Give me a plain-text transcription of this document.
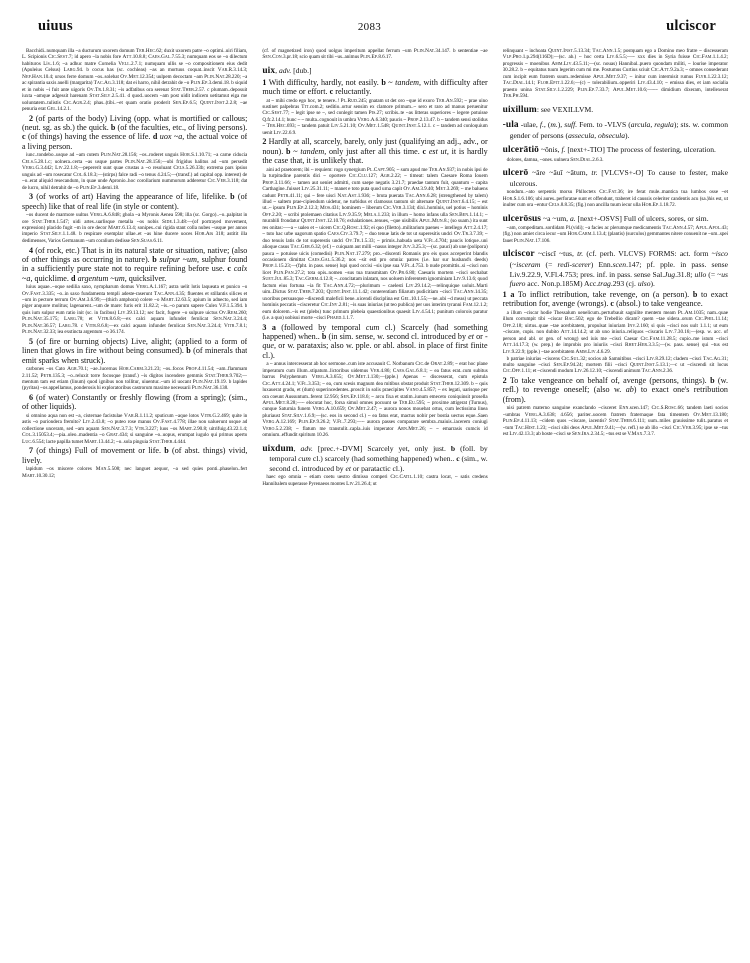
uiuus	2083	ulciscor

Bacchidi..numquam illa ~a ducturum uxorem domum Ter.Hec.62; duxit uxorem patre ~o optimi..uiri filiam, L. Scipionis Cic.Sest.7; id apero ~la nobis fore Att.10.8.8; Caes.Gal.7.55.3; numquam eos se ~o dilectum habituros Liv..1.6; ~a adhuc matre Cornelia Vell.2.7.1; numquam ullis se ~o compositionem eius dedit (Apuleius Celsus) Larg.94. b cocus has (sc. cochleas) ~as an mortuus coquat..inscit Var.R.3.14.3; Nep.Han.10.4; ursos ferre domum ~os..solebat Ov.Met.12.354; uulpem decoctam ~am Plin.Nat.28.220; ~a ac spirantia saxis auelli (margarita) Tac.Ag.3.118; dat ei harro, nihil detrahit de ~o Plin.Ep.3.demi.18. b siquid et in nobis ~i fuit ante uigoris Ov.Tr.1.8.31; ~is adfatibus ora serenat Stat.Theb.2.57. c plumam..deposuit iuxta ~amque adgessit harenam Stat.Silv.2.5.41. d quod..uocem ~am post uidit indicem uetitamut eiga me uoluntatem..tulistis Cic.Agr.2.4; phas..(tibi..~et quam oratio proderit Sen.Ep.6.5; Quint.Inst.2.2.8; ~ae penuria erat Gel.14.2.1.

2 (of parts of the body) Living (opp. what is mortified or callous; (neut. sg. as sb.) the quick. b (of the faculties, etc., of living persons). c (of things) having the essence of life. d uox ~a, the actual voice of a living person.

iunc..tondebo..usque ad ~am cutem Plin.Nat.28.156; ~os..roderet unguis Hor.S.1.10.71; ~a carne ciducia Cels.5.28.1.c; uolnera..certa ~as usque partes Plin.Nat.28.156;—ubi frigidus halitus ad ~um persedit Verg.G.3.442; Liv.22.1.8;—pepererit sunt quae crustas a ~o resoluant Cels.5.26.33b; extrema pars ipsius unguis ad ~um rosecatur Col.6.18.3;—(stirps) falce radi ~o tenus 4.24.5;—(transf.) ad capital opp. interest) de ~o..erat aliquid resecandum, in quae unde Apronio..hoc corollarium nummorum adderetur Cic.Ver.3.118; dat de lucro, nihil detrahit de ~o Plin.Ep.3.demi.18.

3 (of works of art) Having the appearance of life, lifelike. b (of speech) like that of real life (in style or content).

~os ducent de marmore uultus Verg.A.6.848; ghola ~a Myronis Aenea 598; illa (sc. Gorgo)..~o..palpitat in ore Stat.Theb.1.547; uidi artes..uarlisque metalla ~os nobis Side.1.3.48:—(of portrayed movement, expression) placido fugit ~m in ore decor Mart.6.13.4; sonipes..cui rigida stant colla nubes ~usque per annos imperio Stat.Silv.1.1.48. b respirare exemplar ullae..et ~as hine ducere uoces Hor.Ars 318; astitit illa dedimenses, Varios Germanum ~um coralium dedisse Sen.Suas.6.11.

4 (of rock, etc.) That is in its natural state or situation, native; (also of other things as occurring in nature). b sulpur ~um, sulphur found in a sufficiently pure state not to require refining before use. c calx ~a, quicklime. d argentum ~um, quicksilver.

luius aquae..~oque sedilia saxo, nympharum domus Verg.A.1.167; astra uelit lotis laqueata et punico ~o Ov.Fast.3.335; ~o..in saxo fundamenta templi adeste-raserunt Tac.Ann.4.35; fluentes et stillantis silices et ~um in pectore terrum Ov.Am.3.6.99;—(thich amphora) colere ~o Mart.12.63.5; apium in adnecto, sed iam piger anquore molitus; lagenarent..~um de mare: furis erit 11.82.2; ~is..~o parum sapere Culex V.F.1.5.394. b quis ium sulpur eum ratio init (sc. in facibus) Liv.39.13.12; sec facit, fugere ~o sulpure uictus Ov.Rem.260; Plin.Nat.35.175; Larg.78; et Vitr.8.6.8;—ex calci aquam infundet fernlicat Sen.Nat.3.24.4; Plin.Nat.36.57; Larg.78. c Vitr.8.6.8;—ex calci aquam infundet fernlicat Sen.Nat.3.24.4; Vitr.7.8.1; Plin.Nat.32.33; iea exstincta argentum ~o 36.174.

5 (of fire or burning objects) Live, alight; (applied to a form of linen that glows in fire without being consumed). b (of minerals that emit sparks when struck).

carbones ~os Cato Agr.70.1; ~ae..lucernas Hor.Carm.3.21.23; ~os..focos Prop.4.11.54; ~am..flammam 2.11.52; Petr.135.3; ~o..reluxit torre focosque (transf.) ~is digitos incendere gemmis Stat.Theb.9.702;—mentum tam est etiam (linum) quod ignibus non tollitur, uiuentur..~um id uocant Plin.Nat.19.19. b lapides (pyritas) ~os appellamus, ponderosis hi exploratoribus castrorum maxime necessarii Plin.Nat.36.138.

6 (of water) Constantly or freshly flowing (from a spring); (sim., of other liquids).

si omnino aqua non est ~a, cisternae facistulae Var.R.1.11.2; sputicum ~aque lotos Vitr.G.2.469; quite in astis ~o puriondera fremito? Liv.2.43.8; ~o puteo rose manus Ov.Fast.4.778; illae non ualuerunt usque ad collectione unceram, sed ~am aquam Sen.Nat.3.7.3; Vtr.3.227; luos ~os Mart.2.90.8; uitrifuig.43.22.1.4; Col.3.15053.4;—pia..oleo..madentia ~o Grat.434; si sanguine ~o..uopus, erumpat iugulo qui primus aperto Luc.6.554; lacte papilla tumet Mart.13.44.2; ~o..sola pinguia Stat.Theb.4.444.

7 (of things) Full of movement or life. b (of abst. things) vivid, lively.

lapidum ~os miscere colores Man.5.508; nec languet aequor, ~a sed quies ponti..phaselon..fert Mart.10.30.12;

(cf. of magnetized iron) quod uolgus imperitum appellat ferrum ~um Plin.Nat.34.147. b sententiae ~ae Sen.Con.3.pr.18; scio quam sit tibi ~us..animus Plin.Ep.8.6.17.

uix, adv. [dub.]

1 With difficulty, hardly, not easily. b ~ tandem, with difficulty after much time or effort. c reluctantly.

at ~ mihi credo ego hoc, te tenere..! Pl.Rud.245; gnatam ut det oro ~que id exoro Ter.An.592; ~ prae uino sustinet palpebras Tit.com.2; seditio..ortur sensim ex clamore primum..~ sero et raro ad manus peruenitur Cic.Sest.77; ~ legit ipse se ~, sed conlegit tamen Pis.27; scribis..te ~as litteras superiores ~ legere potuisse Q.fr.2.14.1; hunc ~ ~ multa..cognouit in umbra Verg.A.6.340; paucis ~ Prop.2.13.47. b ~ tandem sensi stolidus ~ Ter.Hec.693; ~ tandem patuit Liv.5.21.10; Ov.Met.1.548; Quint.Inst.5.12.1. c ~ tandem ad conloquium uenit Liv.22.6.9.

2 Hardly at all, scarcely, barely, only just (qualifying an adj., adv., or noun). b ~ tandem, only just after all this time. c est ut, it is hardly the case that, it is unlikely that.

aini ad praetorem; ibi ~ requiem: rogo synergium Pl.Capt.905; ~ sum apud me Ter.An.937; in nobis ipsi de la turpitudine parentis dici ~ oportere Cic.Clu.127; Agr.2.22; ~ timeat: talem Caesare Roma Iouem Prop.3.11.66; ~ tamen aut ueniet admitti, cum saepe negatis 3.21.7; praedae tantum fuit, quantum ~ capita Carthagine..fuisset Liv.25.31.11; ~ manet e toto puta quod urna capit Ov.Am.3.9.40; Met.3.269; ~ me baluens cadunt Petr.41.11; qui ~ fere uisci Nat.Ast.1.936; ~ bruta puerata Tac.Ann.6.28; (strengthened by talem) illud ~ saltem prae-cipiendum uidetur, ne turbidus et clamosus tantum sit alternate Quint.Inst.6.4.15; ~ est ut..~ ipsum Plin.Ep.2.12.3; Mos.431; hominem ~ liberum Cic.Ver.3.134; dixi..hominis, uel potius ~ hominis Off.2.20; ~ scribi ptolemaen citatius Liv.9.35.9; Mela.1.233; in illum ~ homo infans ulla Sen.Ben.1.14.1; ~ murabili frondatur Quint.Inst.12.10.76; exhalationes..tenues, ~que uisibilis Apul.Mun.8.; (so suam.) ita sunt res onitas:—~a ~ ualeo et ~ uicem Cic.Q.Rosc.1.92; ei quo (filetto)..militarium paenes ~ intellego Att.2.4.17; ~ tuto hac urbe uagorum spatio Caes.Civ.3.79.7; ~ duo tenue latis de tot ut superesitis undci Ov.Tr.3.7.39; ~ duo tenuis latis de tot superestis undci Ov.Tr.1.5.33; ~ primis..habuda ueta V.Fl.4.704; paucis lotique..uni alioque casus Tac.Ger.6.32; (ef.) ~ cuiquam aut milli ~nasus integer Juv.3.25.3;—(sc. pauci) ab une (polipora) pauca ~ potuisse uicis (comedisi) Plin.Nat.17.279; pro..~discenti Romanis pro eis quos acceperint blandis occasionem dimittat Caes.Gal.5.36.2; nos ~sit esti pro omnia: patres (i.e. har sur husband's deeds) Prop.1.15.23;—(fpht. in pass. sense) lupi quod occisi ~sis ipse sua V.Fl.4.753. b nude promittis..si ~cisci non licet Plin.Pan.27.2; tota opis..nomen ~sus tua transmitam Ov.Pb.6.80; Caesaris mortem ~cisci sechabat Suet.Jul.85.3; Tac.Germ.4.12.8; ~..concitatam inlatam, nos uoluem inferentem ignominiam Liv.9.13.6; quod factum eius fortuna ~ia fit Tac.Ann.4.72;—plurimum ~ caelesti Liv.29.14.2;—relinquique uoluit..Marti uim..Dictus Stat.Theb.7.203; Quint.Inst.11.1.42; conterentiam filiarum pudicitiam ~cisci Tac.Ann.14.35; uxoribus persuasque ~discendi maleficii bene..uicendi disciplina est Gel.10.1.55;—ne..ubi ~d meas) ut peccata hominis peccatis ~cisceretur Cic.Inv.2.81; ~is suas iniurias (ut teo publica) per uos interim tyranni Fam.12.1.2; eum dolorem..~is est (plebs) tunc primum plebeia quaestionibus quaesit Liv.4.54.1; punitum colorois paratur (i.e. a quo) uobisui morte ~cisci Phaed.1.1.7.

3 a (followed by temporal cum cl.) Scarcely (had something happened) when.. b (in sim. sense, w. second cl. introduced by et or -que, or w. parataxis; also w. pple. or abl. absol. in place of first finite cl.).

a ~ annus intercesserat ab hoc sermone..cum iste accusauit C. Norbanum Cic.de Orat.2.89; ~ erat hoc plane imperatum cum illum..stipatum..lictoribus uidemus Ver.4.86; Caes.Gal.6.8.1; ~ ea fatus erat..cum subitus barrus Polyphemum Verg.A.3.655; Ov.Met.1.130;—(pple.) Apenas ~ discesserat, cum epistula Cic.Att.4.24.1; V.Fl.3.353; ~ ea, cum scesis magnum dea mitibus obstat produit Stat.Theb.12.309. b ~ quis luxauerat gradu, et (dum) superincedentes..proscit in solis praecipites Vano.4.5.857; ~ ex legati, uarisque per ora coeunt Aussuntum..ferent 12.956; Sen.Ep.118.6; ~ arcu fixa et statim..iunum emeceto coniquinsit prosella Apul.Met.8.28;—~ elocutat hoc, forsa simul omnes pocuunt se Ter.Eu.595; ~ proxime attigerat (Turnus), cunque Saturnia funem Verg.A.10.659; Ov.Met.2.47; ~ aurora nouos mouebat ortus, cum lectissima linea pluriaust Stat.Silv.1.6.9;—(sc. eos in second cl.) ~ ea fatus erat, mactus nobir per bostia uectus eque..Saen Verg.A.12.169; Plin.Ep.9.26.2; V.Fl.7.293;—~ aurora passes comparare sembra..maiuis..iacerem coniugi Vero.5.2.238; ~ flatum me transtulit..capla..iuis imperator Arn.Met.26; ~ ~ emarrasis cumcis id omnium..effundit spiritum 10.26.

uixdum, adv. [prec.+-DVM] Scarcely yet, only just. b (foll. by temporal cum cl.) scarcely (had something happened) when.. c (sim., w. second cl. introduced by et or paratactic cl.).

haec ego omnia ~ etiam coetu uestro dimisso comperi Cic.Catil.1.10; castra locat, ~ satis credens Hannibalem superasse Pyrenaeos montes Liv.21.26.4; ut

relinquant ~ inchoata Quint.Inst.5.13.34; Tac.Ann.1.5; postquam ego a Domino meo fratre ~ discesseram Vlp.Pro.1.p.294(116D);—(sc. ab.) ~ hoc certa Liv.6.5.5;—~ xxx dies in Syria fuisse Cic.Fam.1.1.4.2; progressis ~ moenibus Amm.Liv.43.5.11;—(sc. nouas) Hannibal..puero quondam militi, ~ lourise imperator 30.28.2. b ~ equitatus tuum legerim cum mi me. Postumus Curtius sciuit Cic.Att.9.2a.3; ~ omnes consederant cum incipit eum fratrem suum..redemisse Apul.Met.9.37; ~ initur cum intermisit rumus Flyr.1.22.3.12; Tac.Dial.14.1; Flor.Epit.1.22.6;—(c) ~ tolerabilium..opperiri Liv.43.4.10; ~ emissa dies, et iam socialia praesto unina Stat.Silv.1.2.229; Plin.Ep.7.33.7; Apul.Met.10.6;—~~ dimidium dixeram, intellexerat Ter.Ph.594.

uixillum: see VEXILLVM.

-ula -ulae, f., (m.), suff. Fem. to -VLVS (arcula, regula); sts. w. common gender of persons (assecula, obsecula).

ulcerātiō ~ōnis, f. [next+-TIO] The process of festering, ulceration.

dolores, damna, ~ones. uulnera Sen.Dial.2.6.3.

ulcerō ~āre ~āuī ~ātum, tr. [VLCVS+-O] To cause to fester, make ulcerous.

nondum..~ato serpentis morsu Phlloctets Cic.Fat.36; ire ferat mule..mantica tua lumbos osse ~et Hor.S.1.6.106; ubi aures..perforatae sunt et offendunt, traberet id caussis celeriter candentis acu (sa.)his est, ut inulter cum ora ~entur Cels.8.8.35; (fig.) non ancilla tuum iecur ulla Hor.Ep.1.18.72.

ulcerōsus ~a ~um, a. [next+-OSVS] Full of ulcers, sores, or sim.

~am, compeditam..sordidam Pl.(vidi); ~a facies ac plerumque medicamentis Tac.Ann.4.57; Apul.Apol.43; (fig.) non amiet circa iecur ~um Hor.Carm.1.13.4; (plantis) (surculos) gemmantes nitere conuenit ne ~um..spei fauet Plin.Nat.17.106.

ulciscor ~ciscī ~tus, tr. (cf. perh. VLCVS) FORMS: act. form ~isco (~isceram (= redi-scerer) Enn.scen.147; pf. pple. in pass. sense Liv.9.22.9, V.Fl.4.753; pres. inf. in pass. sense Sal.Jug.31.8; ullo (= ~us fuero acc. Non.p.185M) Acc.trag.293 (cj. ulso).

1 a To inflict retribution, take revenge, on (a person). b to exact retribution for, avenge (wrongs). c (absol.) to take vengeance.

a illum ~ciscar hodie Thessalum uenelicum..perturbauit sagnilite mentem meam Pl.Am.1035; nam..quae illum corrumpit tibi ~ciscar Bac.502; ego de Trebellio dicam? quem ~tae sidera..orum Cic.Phil.11.14; Off.2.18; uirtus..quae ~tae acerbitatem, propulsat iniuriam Inv.2.160; si quis ~cisci nos uult 1.1.1; ut eum ~ciscare, cupis. non dubito Att.14.14.2; ut ab uno iniuria..reliquos ~ciscaris Liv.7.30.16;—(esp. w. acc. of person and abl. or gen. of wrong) sed iuis me ~cisci Caesar Cic.Fam.11.28.5; cupio..me istum ~cisci Att.14.17.3; (w. prep.) de improbis pro iniuriis ~cisci Rhet.Her.3.3.5;—(w. pass. sense) qui ~tus est Liv.9.22.9; (pple.) ~tae acerbitatem Amm.Liv.4.6.29.

b patriae iniurias ~ciscens Cic.Sul.32; socios ab Samnitibus ~cisci Liv.8.29.12; cladem ~cisci Tac.Ag.31; multo sanguine ~cisci Sen.Ep.94.24; mortem filii ~cisci Quint.Inst.5.13.1;—c ut ~ciscendi sit locus Cic.Off.1.11; et ~ciscendi modum Liv.26.12.10; ~ciscendi animum Tac.Ann.2.36.

2 To take vengeance on behalf of, avenge (persons, things). b (w. refl.) to revenge oneself; (also w. ab) to exact one's retribution (from).

nisi patrem materno sanguine exanclando ~cisceret Enn.scen.147; Cic.S.Rosc.66; tandem laeti socios ~umbras Verg.A.3.638; 4.656; pariter..uocem fratrem fraternaque fata timentem Ov.Met.13.180; Plin.Ep.4.11.13; ~cidem quos ~ciscare, iacentis? Stat.Theb.6.111; uum..miles grauissime tulit..paratus et ~tum Tac.Hist.1.23; ~cisci sibi deos Apul.Met.9.41;—(w. refl.) se ab illo ~cisci Cic.Ver.3.95; ipse se ~tus est Liv.42.13.3; ab hoste ~cisci se Sen.Ira.2.34.5; ~tus est se V.Max.7.3.7.
